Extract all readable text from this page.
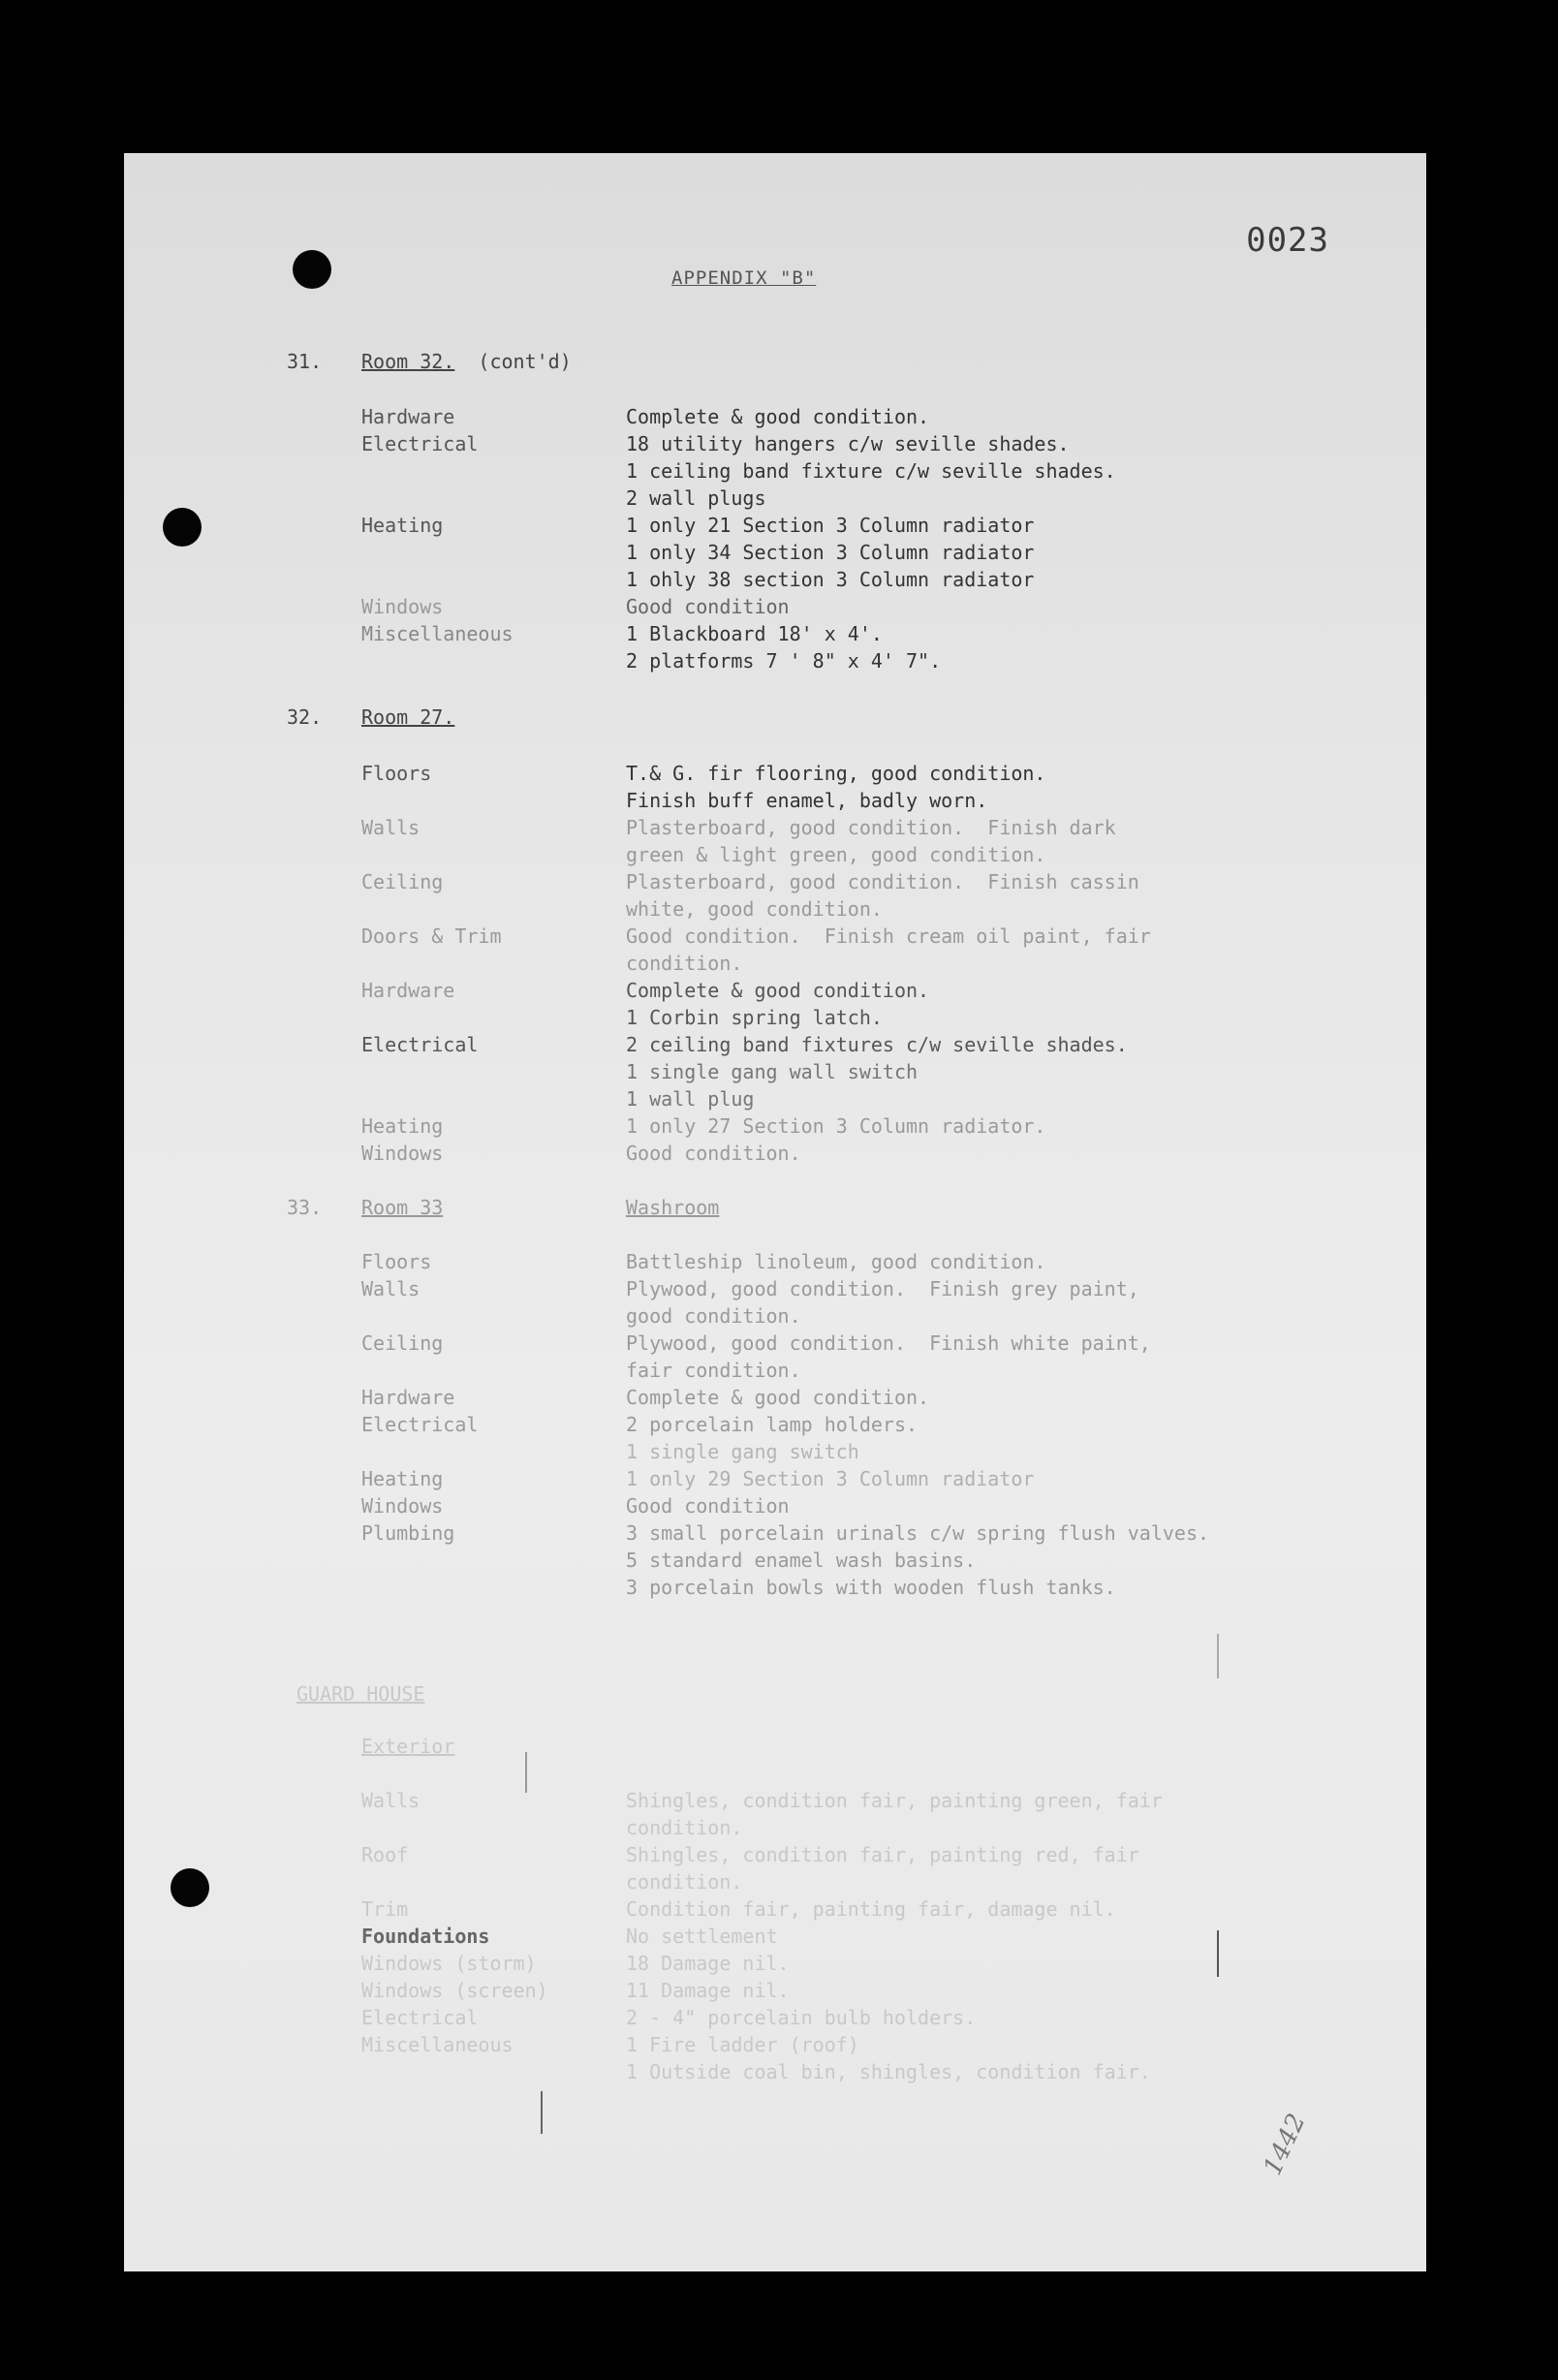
0023
APPENDIX "B"
31. Room 32. (cont'd)
Hardware	Complete & good condition.
Electrical	18 utility hangers c/w seville shades.
1 ceiling band fixture c/w seville shades.
2 wall plugs
Heating	1 only 21 Section 3 Column radiator
1 only 34 Section 3 Column radiator
1 ohly 38 section 3 Column radiator
Windows	Good condition
Miscellaneous	1 Blackboard 18' x 4'.
2 platforms 7 ' 8" x 4' 7".
32. Room 27.
Floors	T.& G. fir flooring, good condition.
Finish buff enamel, badly worn.
Walls	Plasterboard, good condition.  Finish dark
green & light green, good condition.
Ceiling	Plasterboard, good condition.  Finish cassin
white, good condition.
Doors & Trim	Good condition.  Finish cream oil paint, fair
condition.
Hardware	Complete & good condition.
1 Corbin spring latch.
Electrical	2 ceiling band fixtures c/w seville shades.
1 single gang wall switch
1 wall plug
Heating	1 only 27 Section 3 Column radiator.
Windows	Good condition.
33. Room 33	Washroom
Floors	Battleship linoleum, good condition.
Walls	Plywood, good condition.  Finish grey paint,
good condition.
Ceiling	Plywood, good condition.  Finish white paint,
fair condition.
Hardware	Complete & good condition.
Electrical	2 porcelain lamp holders.
1 single gang switch
Heating	1 only 29 Section 3 Column radiator
Windows	Good condition
Plumbing	3 small porcelain urinals c/w spring flush valves.
5 standard enamel wash basins.
3 porcelain bowls with wooden flush tanks.
GUARD HOUSE
Exterior
Walls	Shingles, condition fair, painting green, fair
condition.
Roof	Shingles, condition fair, painting red, fair
condition.
Trim	Condition fair, painting fair, damage nil.
Foundations	No settlement
Windows (storm)	18 Damage nil.
Windows (screen)	11 Damage nil.
Electrical	2 - 4" porcelain bulb holders.
Miscellaneous	1 Fire ladder (roof)
1 Outside coal bin, shingles, condition fair.
1442
